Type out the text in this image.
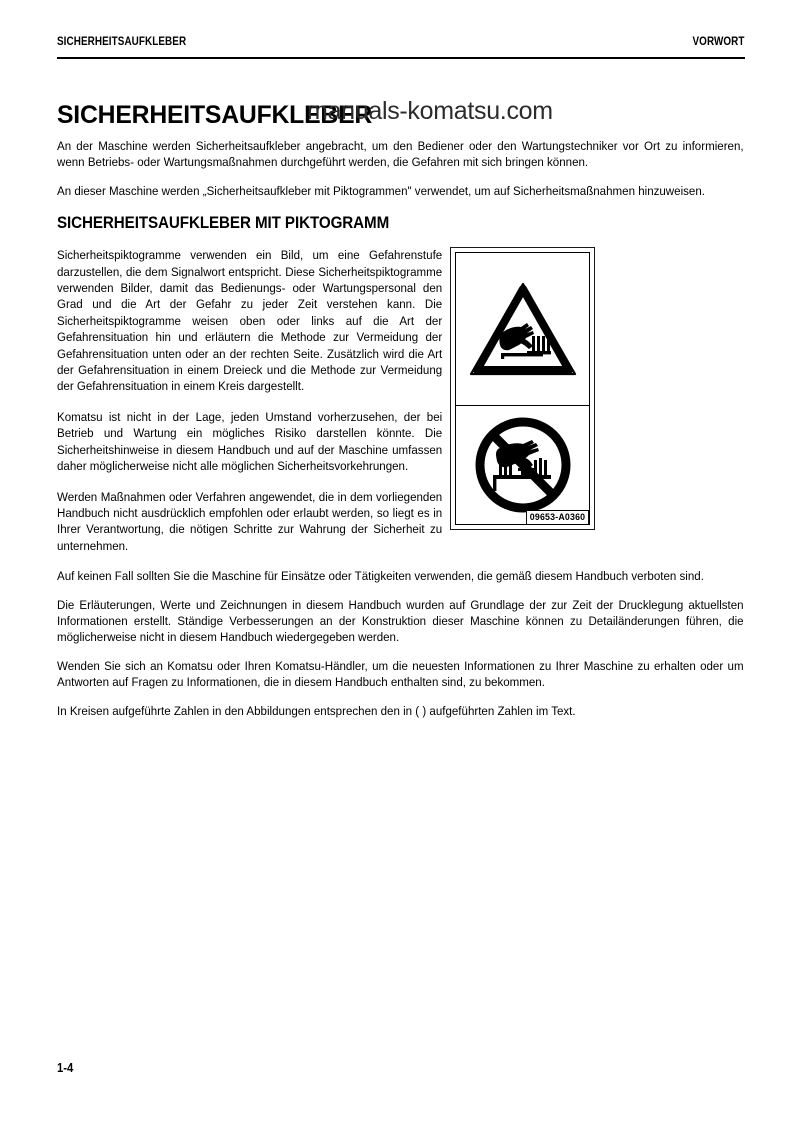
SICHERHEITSAUFKLEBER	VORWORT
SICHERHEITSAUFKLEBER

An der Maschine werden Sicherheitsaufkleber angebracht, um den Bediener oder den Wartungstechniker vor Ort zu informieren, wenn Betriebs- oder Wartungsmaßnahmen durchgeführt werden, die Gefahren mit sich bringen können.

An dieser Maschine werden „Sicherheitsaufkleber mit Piktogrammen" verwendet, um auf Sicherheitsmaßnahmen hinzuweisen.

SICHERHEITSAUFKLEBER MIT PIKTOGRAMM

Sicherheitspiktogramme verwenden ein Bild, um eine Gefahrenstufe darzustellen, die dem Signalwort entspricht. Diese Sicherheitspiktogramme verwenden Bilder, damit das Bedienungs- oder Wartungspersonal den Grad und die Art der Gefahr zu jeder Zeit verstehen kann. Die Sicherheitspiktogramme weisen oben oder links auf die Art der Gefahrensituation hin und erläutern die Methode zur Vermeidung der Gefahrensituation unten oder an der rechten Seite. Zusätzlich wird die Art der Gefahrensituation in einem Dreieck und die Methode zur Vermeidung der Gefahrensituation in einem Kreis dargestellt.

Komatsu ist nicht in der Lage, jeden Umstand vorherzusehen, der bei Betrieb und Wartung ein mögliches Risiko darstellen könnte. Die Sicherheitshinweise in diesem Handbuch und auf der Maschine umfassen daher möglicherweise nicht alle möglichen Sicherheitsvorkehrungen.

Werden Maßnahmen oder Verfahren angewendet, die in dem vorliegenden Handbuch nicht ausdrücklich empfohlen oder erlaubt werden, so liegt es in Ihrer Verantwortung, die nötigen Schritte zur Wahrung der Sicherheit zu unternehmen.

09653-A0360

Auf keinen Fall sollten Sie die Maschine für Einsätze oder Tätigkeiten verwenden, die gemäß diesem Handbuch verboten sind.

Die Erläuterungen, Werte und Zeichnungen in diesem Handbuch wurden auf Grundlage der zur Zeit der Drucklegung aktuellsten Informationen erstellt. Ständige Verbesserungen an der Konstruktion dieser Maschine können zu Detailänderungen führen, die möglicherweise nicht in diesem Handbuch wiedergegeben werden.

Wenden Sie sich an Komatsu oder Ihren Komatsu-Händler, um die neuesten Informationen zu Ihrer Maschine zu erhalten oder um Antworten auf Fragen zu Informationen, die in diesem Handbuch enthalten sind, zu bekommen.

In Kreisen aufgeführte Zahlen in den Abbildungen entsprechen den in ( ) aufgeführten Zahlen im Text.

manuals-komatsu.com
1-4
